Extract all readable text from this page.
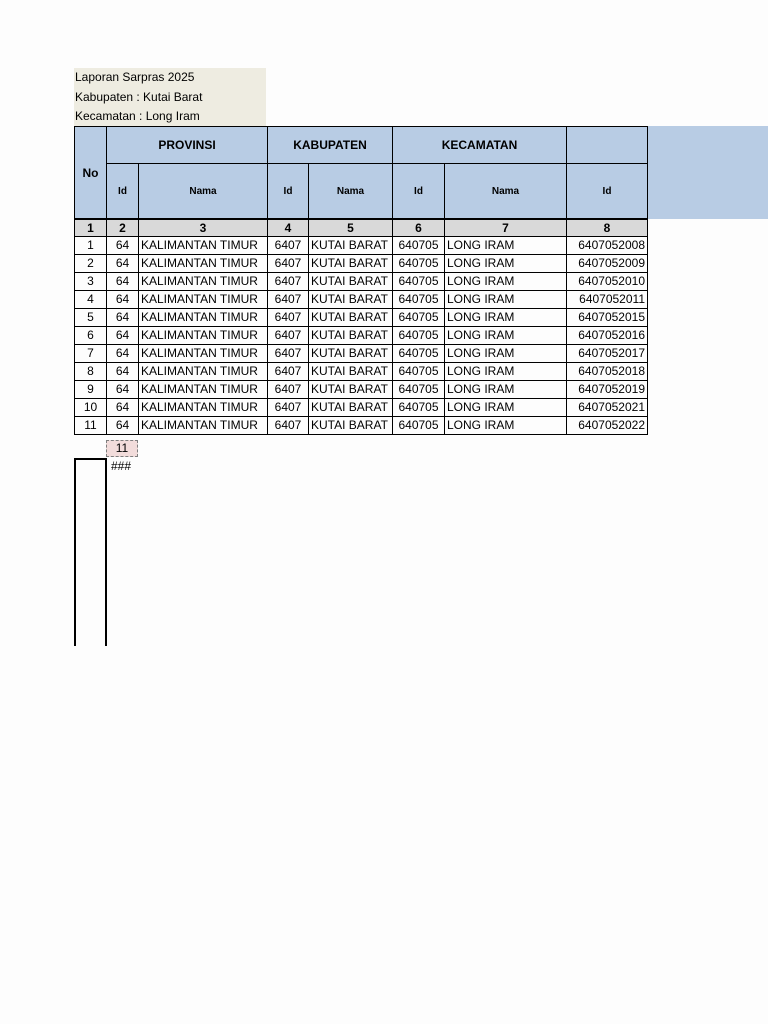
Laporan Sarpras 2025
Kabupaten : Kutai Barat
Kecamatan : Long Iram
No	PROVINSI		KABUPATEN		KECAMATAN		
	Id	Nama	Id	Nama	Id	Nama	Id
1	2	3	4	5	6	7	8
1	64	KALIMANTAN TIMUR	6407	KUTAI BARAT	640705	LONG IRAM	6407052008
2	64	KALIMANTAN TIMUR	6407	KUTAI BARAT	640705	LONG IRAM	6407052009
3	64	KALIMANTAN TIMUR	6407	KUTAI BARAT	640705	LONG IRAM	6407052010
4	64	KALIMANTAN TIMUR	6407	KUTAI BARAT	640705	LONG IRAM	6407052011
5	64	KALIMANTAN TIMUR	6407	KUTAI BARAT	640705	LONG IRAM	6407052015
6	64	KALIMANTAN TIMUR	6407	KUTAI BARAT	640705	LONG IRAM	6407052016
7	64	KALIMANTAN TIMUR	6407	KUTAI BARAT	640705	LONG IRAM	6407052017
8	64	KALIMANTAN TIMUR	6407	KUTAI BARAT	640705	LONG IRAM	6407052018
9	64	KALIMANTAN TIMUR	6407	KUTAI BARAT	640705	LONG IRAM	6407052019
10	64	KALIMANTAN TIMUR	6407	KUTAI BARAT	640705	LONG IRAM	6407052021
11	64	KALIMANTAN TIMUR	6407	KUTAI BARAT	640705	LONG IRAM	6407052022
11
###
